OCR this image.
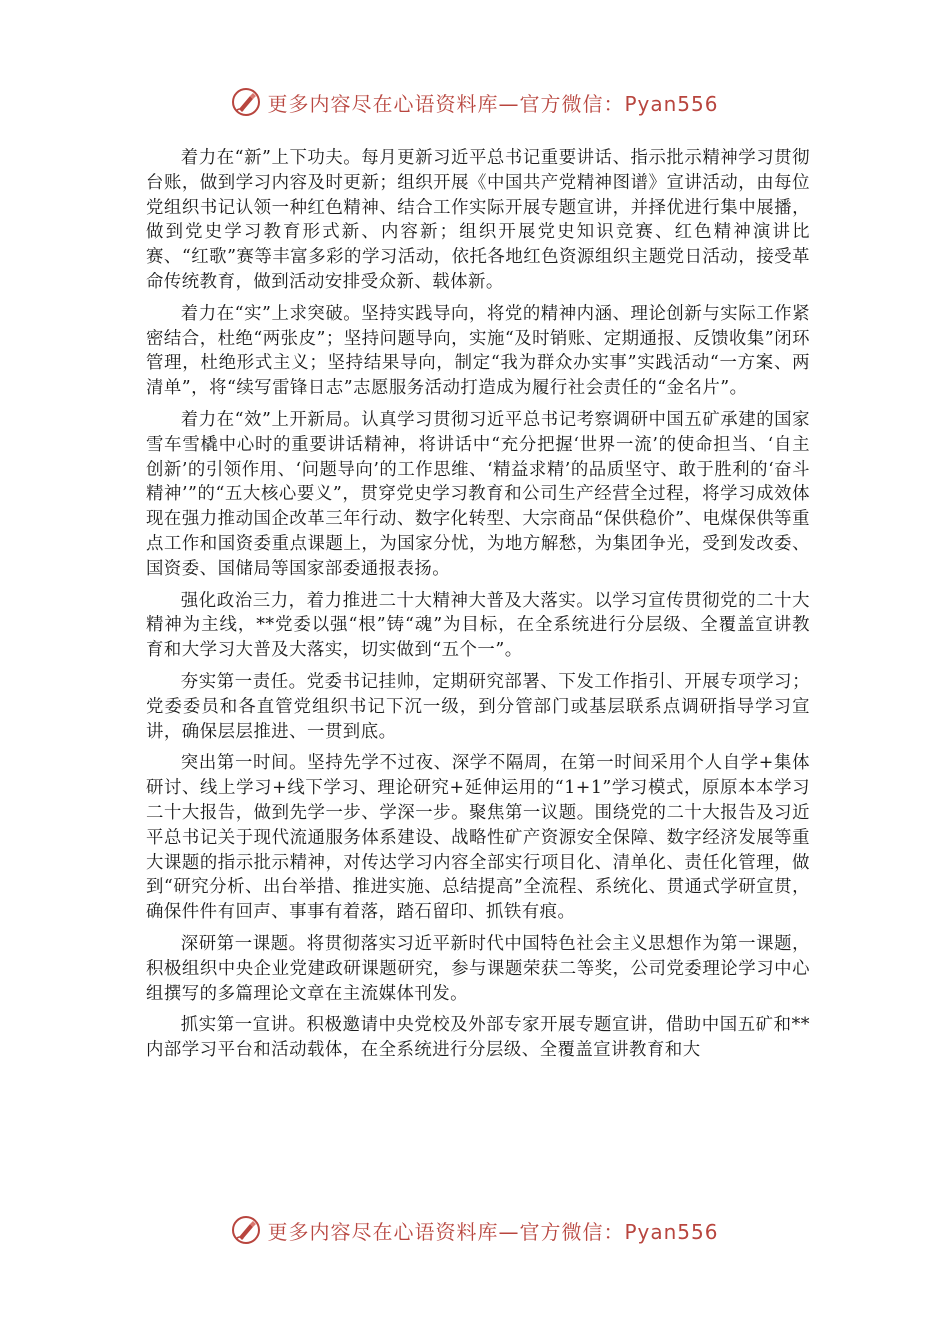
更多内容尽在心语资料库—官方微信：Pyan556

着力在“新”上下功夫。每月更新习近平总书记重要讲话、指示批示精神学习贯彻台账，做到学习内容及时更新；组织开展《中国共产党精神图谱》宣讲活动，由每位党组织书记认领一种红色精神、结合工作实际开展专题宣讲，并择优进行集中展播，做到党史学习教育形式新、内容新；组织开展党史知识竞赛、红色精神演讲比赛、“红歌”赛等丰富多彩的学习活动，依托各地红色资源组织主题党日活动，接受革命传统教育，做到活动安排受众新、载体新。

着力在“实”上求突破。坚持实践导向，将党的精神内涵、理论创新与实际工作紧密结合，杜绝“两张皮”；坚持问题导向，实施“及时销账、定期通报、反馈收集”闭环管理，杜绝形式主义；坚持结果导向，制定“我为群众办实事”实践活动“一方案、两清单”，将“续写雷锋日志”志愿服务活动打造成为履行社会责任的“金名片”。

着力在“效”上开新局。认真学习贯彻习近平总书记考察调研中国五矿承建的国家雪车雪橇中心时的重要讲话精神，将讲话中“充分把握‘世界一流’的使命担当、‘自主创新’的引领作用、‘问题导向’的工作思维、‘精益求精’的品质坚守、敢于胜利的‘奋斗精神’”的“五大核心要义”，贯穿党史学习教育和公司生产经营全过程，将学习成效体现在强力推动国企改革三年行动、数字化转型、大宗商品“保供稳价”、电煤保供等重点工作和国资委重点课题上，为国家分忧，为地方解愁，为集团争光，受到发改委、国资委、国储局等国家部委通报表扬。

强化政治三力，着力推进二十大精神大普及大落实。以学习宣传贯彻党的二十大精神为主线，**党委以强“根”铸“魂”为目标，在全系统进行分层级、全覆盖宣讲教育和大学习大普及大落实，切实做到“五个一”。

夯实第一责任。党委书记挂帅，定期研究部署、下发工作指引、开展专项学习；党委委员和各直管党组织书记下沉一级，到分管部门或基层联系点调研指导学习宣讲，确保层层推进、一贯到底。

突出第一时间。坚持先学不过夜、深学不隔周，在第一时间采用个人自学+集体研讨、线上学习+线下学习、理论研究+延伸运用的“1+1”学习模式，原原本本学习二十大报告，做到先学一步、学深一步。聚焦第一议题。围绕党的二十大报告及习近平总书记关于现代流通服务体系建设、战略性矿产资源安全保障、数字经济发展等重大课题的指示批示精神，对传达学习内容全部实行项目化、清单化、责任化管理，做到“研究分析、出台举措、推进实施、总结提高”全流程、系统化、贯通式学研宣贯，确保件件有回声、事事有着落，踏石留印、抓铁有痕。

深研第一课题。将贯彻落实习近平新时代中国特色社会主义思想作为第一课题，积极组织中央企业党建政研课题研究，参与课题荣获二等奖，公司党委理论学习中心组撰写的多篇理论文章在主流媒体刊发。

抓实第一宣讲。积极邀请中央党校及外部专家开展专题宣讲，借助中国五矿和**内部学习平台和活动载体，在全系统进行分层级、全覆盖宣讲教育和大

更多内容尽在心语资料库—官方微信：Pyan556
